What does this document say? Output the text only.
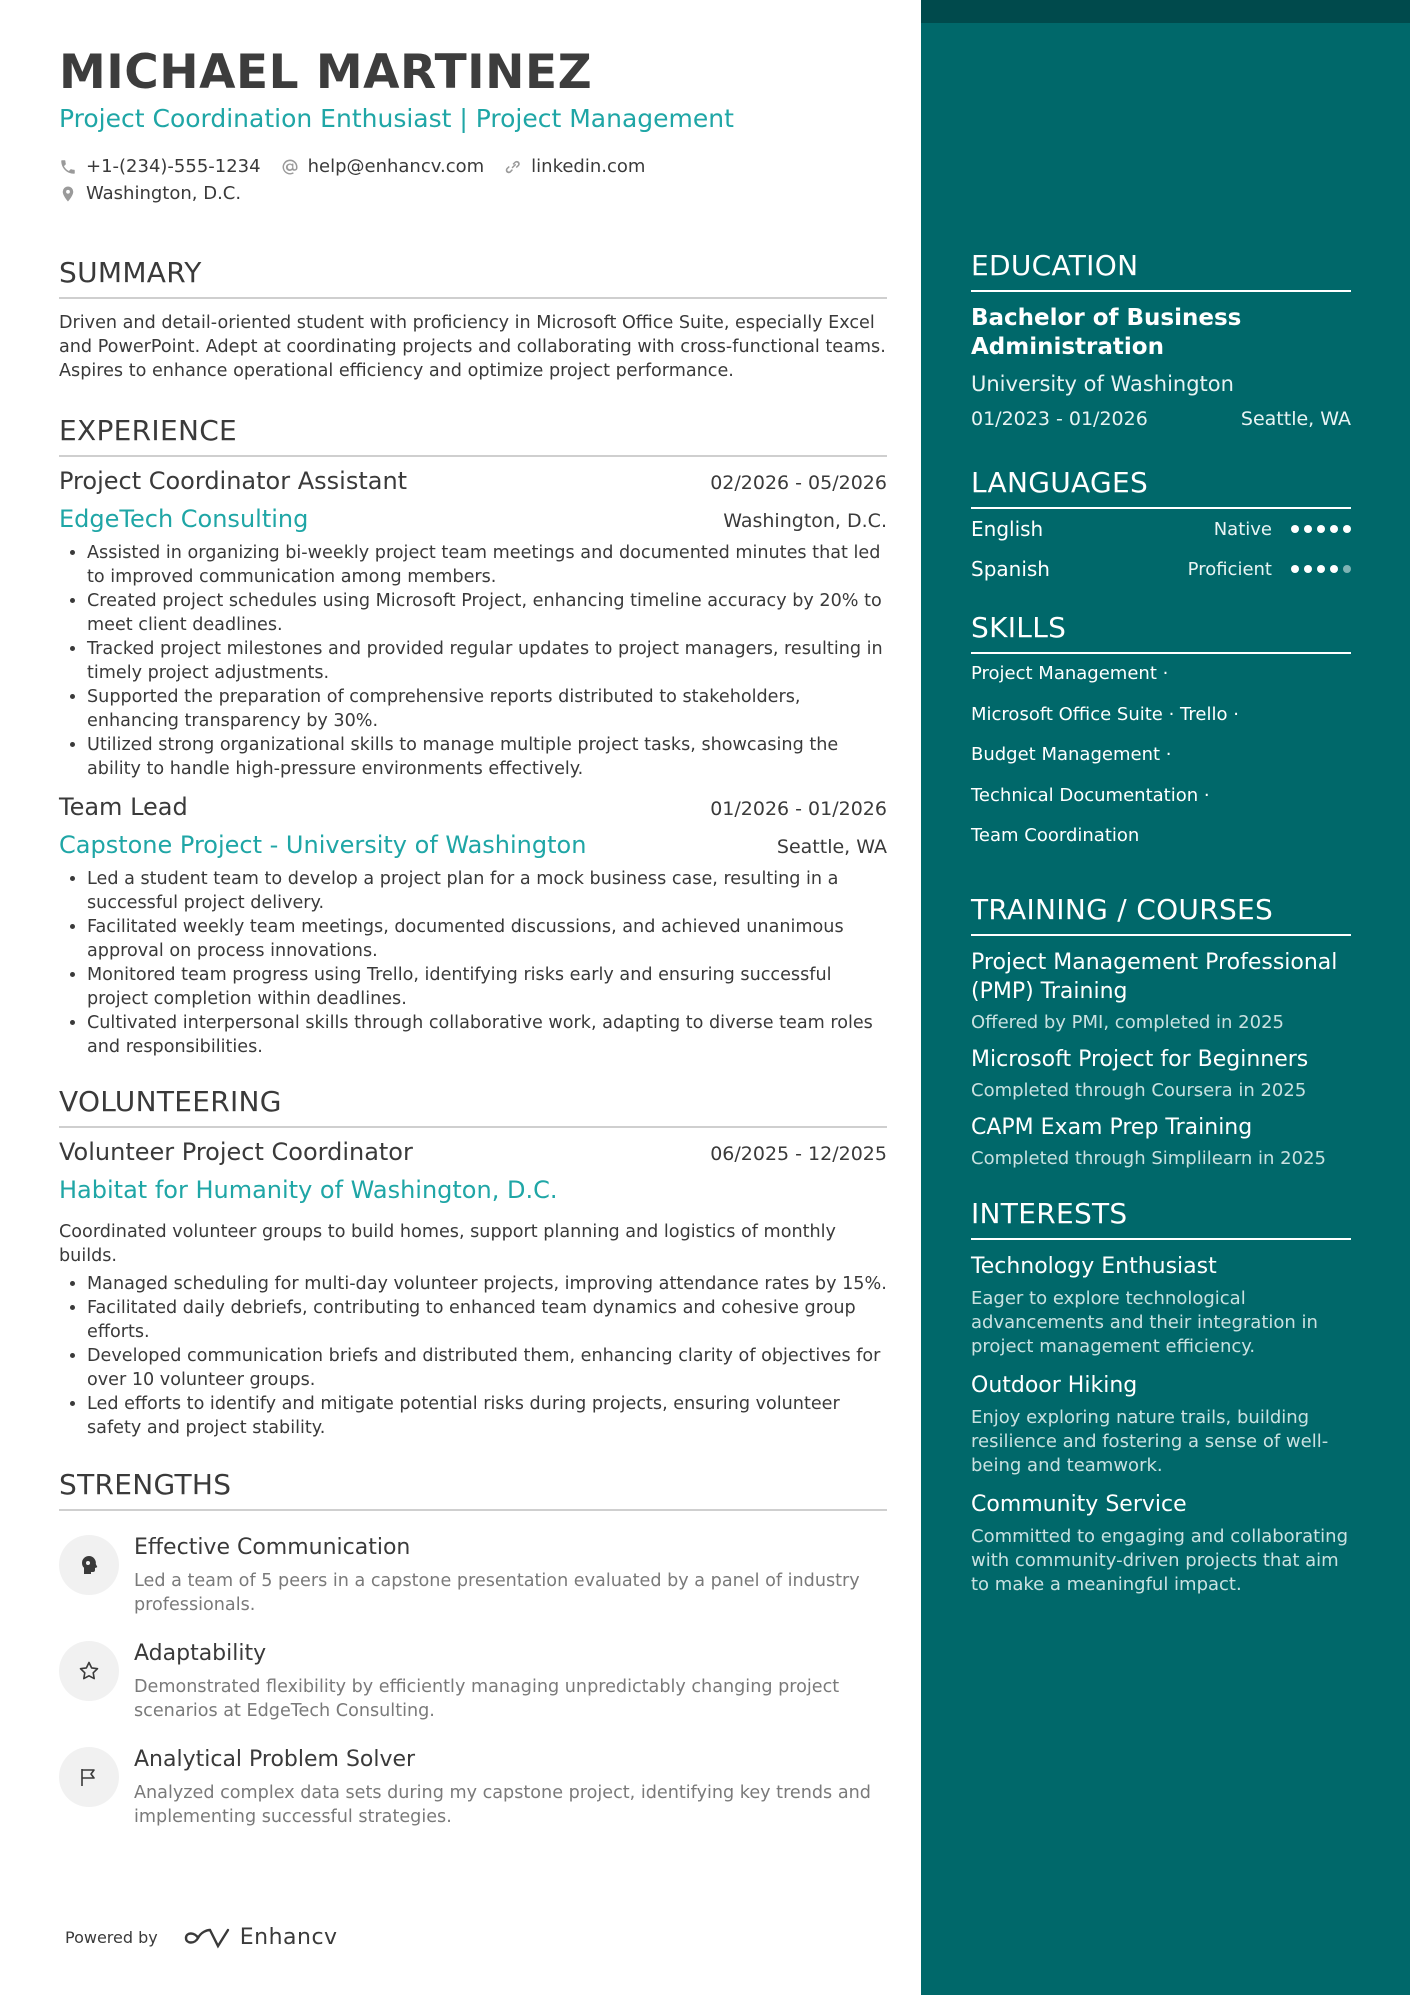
MICHAEL MARTINEZ
Project Coordination Enthusiast | Project Management
+1-(234)-555-1234	help@enhancv.com	linkedin.com
Washington, D.C.
SUMMARY

Driven and detail-oriented student with proficiency in Microsoft Office Suite, especially Excel and PowerPoint. Adept at coordinating projects and collaborating with cross-functional teams. Aspires to enhance operational efficiency and optimize project performance.

EXPERIENCE
Project Coordinator Assistant	02/2026 - 05/2026
EdgeTech Consulting	Washington, D.C.
• Assisted in organizing bi-weekly project team meetings and documented minutes that led to improved communication among members.
• Created project schedules using Microsoft Project, enhancing timeline accuracy by 20% to meet client deadlines.
• Tracked project milestones and provided regular updates to project managers, resulting in timely project adjustments.
• Supported the preparation of comprehensive reports distributed to stakeholders, enhancing transparency by 30%.
• Utilized strong organizational skills to manage multiple project tasks, showcasing the ability to handle high-pressure environments effectively.
Team Lead	01/2026 - 01/2026
Capstone Project - University of Washington	Seattle, WA
• Led a student team to develop a project plan for a mock business case, resulting in a successful project delivery.
• Facilitated weekly team meetings, documented discussions, and achieved unanimous approval on process innovations.
• Monitored team progress using Trello, identifying risks early and ensuring successful project completion within deadlines.
• Cultivated interpersonal skills through collaborative work, adapting to diverse team roles and responsibilities.
VOLUNTEERING
Volunteer Project Coordinator	06/2025 - 12/2025
Habitat for Humanity of Washington, D.C.

Coordinated volunteer groups to build homes, support planning and logistics of monthly builds.

• Managed scheduling for multi-day volunteer projects, improving attendance rates by 15%.
• Facilitated daily debriefs, contributing to enhanced team dynamics and cohesive group efforts.
• Developed communication briefs and distributed them, enhancing clarity of objectives for over 10 volunteer groups.
• Led efforts to identify and mitigate potential risks during projects, ensuring volunteer safety and project stability.
STRENGTHS
Effective Communication
Led a team of 5 peers in a capstone presentation evaluated by a panel of industry professionals.
Adaptability
Demonstrated flexibility by efficiently managing unpredictably changing project scenarios at EdgeTech Consulting.
Analytical Problem Solver
Analyzed complex data sets during my capstone project, identifying key trends and implementing successful strategies.
Powered by	Enhancv
EDUCATION
Bachelor of Business Administration
University of Washington
01/2023 - 01/2026	Seattle, WA
LANGUAGES
English	Native
Spanish	Proficient
SKILLS
Project Management ·
Microsoft Office Suite · Trello ·
Budget Management ·
Technical Documentation ·
Team Coordination
TRAINING / COURSES
Project Management Professional (PMP) Training
Offered by PMI, completed in 2025
Microsoft Project for Beginners
Completed through Coursera in 2025
CAPM Exam Prep Training
Completed through Simplilearn in 2025
INTERESTS
Technology Enthusiast
Eager to explore technological advancements and their integration in project management efficiency.
Outdoor Hiking
Enjoy exploring nature trails, building resilience and fostering a sense of well-being and teamwork.
Community Service
Committed to engaging and collaborating with community-driven projects that aim to make a meaningful impact.
